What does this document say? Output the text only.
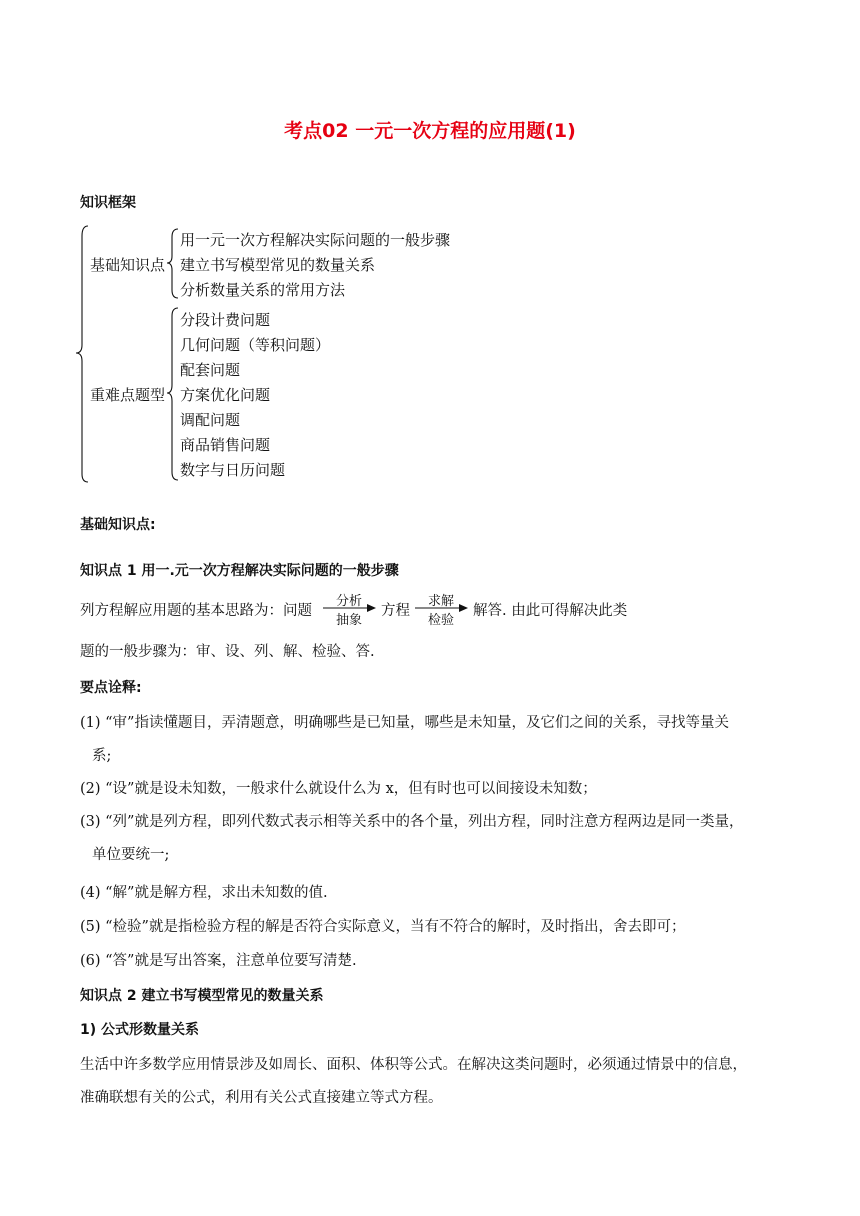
考点02 一元一次方程的应用题(1)
知识框架
基础知识点
用一元一次方程解决实际问题的一般步骤
建立书写模型常见的数量关系
分析数量关系的常用方法
重难点题型
分段计费问题
几何问题（等积问题）
配套问题
方案优化问题
调配问题
商品销售问题
数字与日历问题
基础知识点:
知识点 1 用一.元一次方程解决实际问题的一般步骤
列方程解应用题的基本思路为：问题
分析
抽象
方程
求解
检验
解答. 由此可得解决此类
题的一般步骤为：审、设、列、解、检验、答.
要点诠释:
(1) “审”指读懂题目，弄清题意，明确哪些是已知量，哪些是未知量，及它们之间的关系，寻找等量关
系;
(2) “设”就是设未知数，一般求什么就设什么为 x，但有时也可以间接设未知数；
(3) “列”就是列方程，即列代数式表示相等关系中的各个量，列出方程，同时注意方程两边是同一类量，
单位要统一;
(4) “解”就是解方程，求出未知数的值.
(5) “检验”就是指检验方程的解是否符合实际意义，当有不符合的解时，及时指出，舍去即可；
(6) “答”就是写出答案，注意单位要写清楚.
知识点 2 建立书写模型常见的数量关系
1) 公式形数量关系
生活中许多数学应用情景涉及如周长、面积、体积等公式。在解决这类问题时，必须通过情景中的信息，
准确联想有关的公式，利用有关公式直接建立等式方程。
